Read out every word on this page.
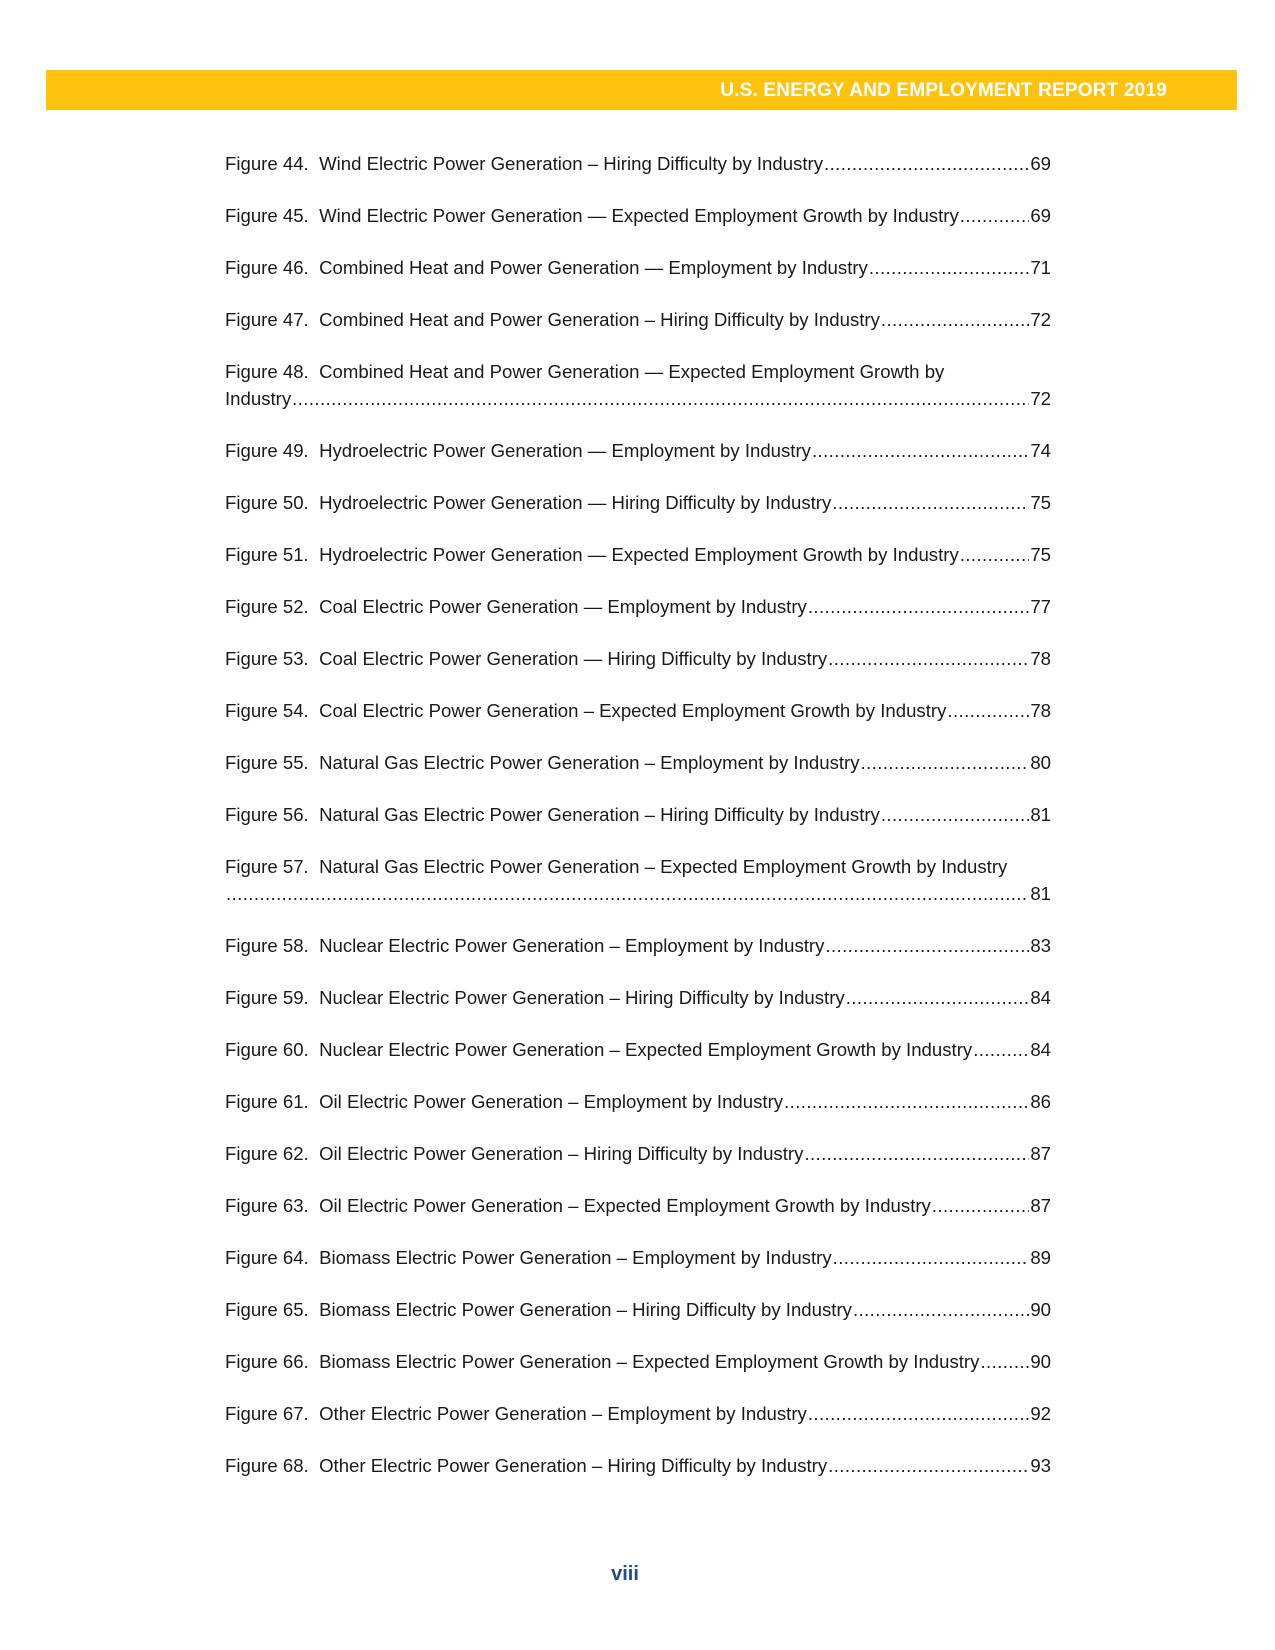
U.S. ENERGY AND EMPLOYMENT REPORT 2019
Figure 44. Wind Electric Power Generation – Hiring Difficulty by Industry .....	69
Figure 45. Wind Electric Power Generation — Expected Employment Growth by Industry .....	69
Figure 46. Combined Heat and Power Generation — Employment by Industry .....	71
Figure 47. Combined Heat and Power Generation – Hiring Difficulty by Industry .....	72
Figure 48. Combined Heat and Power Generation — Expected Employment Growth by
Industry .....	72
Figure 49. Hydroelectric Power Generation — Employment by Industry .....	74
Figure 50. Hydroelectric Power Generation — Hiring Difficulty by Industry .....	75
Figure 51. Hydroelectric Power Generation — Expected Employment Growth by Industry .....	75
Figure 52. Coal Electric Power Generation — Employment by Industry .....	77
Figure 53. Coal Electric Power Generation — Hiring Difficulty by Industry .....	78
Figure 54. Coal Electric Power Generation – Expected Employment Growth by Industry .....	78
Figure 55. Natural Gas Electric Power Generation – Employment by Industry .....	80
Figure 56. Natural Gas Electric Power Generation – Hiring Difficulty by Industry .....	81
Figure 57. Natural Gas Electric Power Generation – Expected Employment Growth by Industry
.....
81
Figure 58. Nuclear Electric Power Generation – Employment by Industry .....	83
Figure 59. Nuclear Electric Power Generation – Hiring Difficulty by Industry .....	84
Figure 60. Nuclear Electric Power Generation – Expected Employment Growth by Industry .....	84
Figure 61. Oil Electric Power Generation – Employment by Industry .....	86
Figure 62. Oil Electric Power Generation – Hiring Difficulty by Industry .....	87
Figure 63. Oil Electric Power Generation – Expected Employment Growth by Industry .....	87
Figure 64. Biomass Electric Power Generation – Employment by Industry .....	89
Figure 65. Biomass Electric Power Generation – Hiring Difficulty by Industry .....	90
Figure 66. Biomass Electric Power Generation – Expected Employment Growth by Industry .....	90
Figure 67. Other Electric Power Generation – Employment by Industry .....	92
Figure 68. Other Electric Power Generation – Hiring Difficulty by Industry .....	93
viii
